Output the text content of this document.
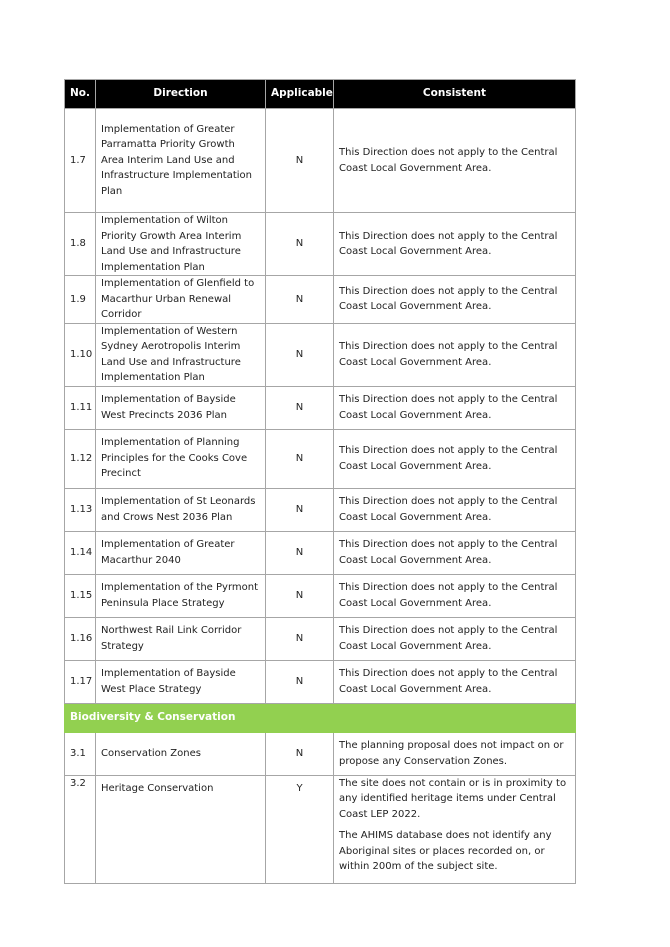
No.	Direction	Applicable	Consistent
1.7	Implementation of Greater Parramatta Priority Growth Area Interim Land Use and Infrastructure Implementation Plan	N	This Direction does not apply to the Central Coast Local Government Area.
1.8	Implementation of Wilton Priority Growth Area Interim Land Use and Infrastructure Implementation Plan	N	This Direction does not apply to the Central Coast Local Government Area.
1.9	Implementation of Glenfield to Macarthur Urban Renewal Corridor	N	This Direction does not apply to the Central Coast Local Government Area.
1.10	Implementation of Western Sydney Aerotropolis Interim Land Use and Infrastructure Implementation Plan	N	This Direction does not apply to the Central Coast Local Government Area.
1.11	Implementation of Bayside West Precincts 2036 Plan	N	This Direction does not apply to the Central Coast Local Government Area.
1.12	Implementation of Planning Principles for the Cooks Cove Precinct	N	This Direction does not apply to the Central Coast Local Government Area.
1.13	Implementation of St Leonards and Crows Nest 2036 Plan	N	This Direction does not apply to the Central Coast Local Government Area.
1.14	Implementation of Greater Macarthur 2040	N	This Direction does not apply to the Central Coast Local Government Area.
1.15	Implementation of the Pyrmont Peninsula Place Strategy	N	This Direction does not apply to the Central Coast Local Government Area.
1.16	Northwest Rail Link Corridor Strategy	N	This Direction does not apply to the Central Coast Local Government Area.
1.17	Implementation of Bayside West Place Strategy	N	This Direction does not apply to the Central Coast Local Government Area.
Biodiversity & Conservation			
3.1	Conservation Zones	N	The planning proposal does not impact on or propose any Conservation Zones.
3.2	Heritage Conservation	Y	The site does not contain or is in proximity to any identified heritage items under Central Coast LEP 2022.

The AHIMS database does not identify any Aboriginal sites or places recorded on, or within 200m of the subject site.
